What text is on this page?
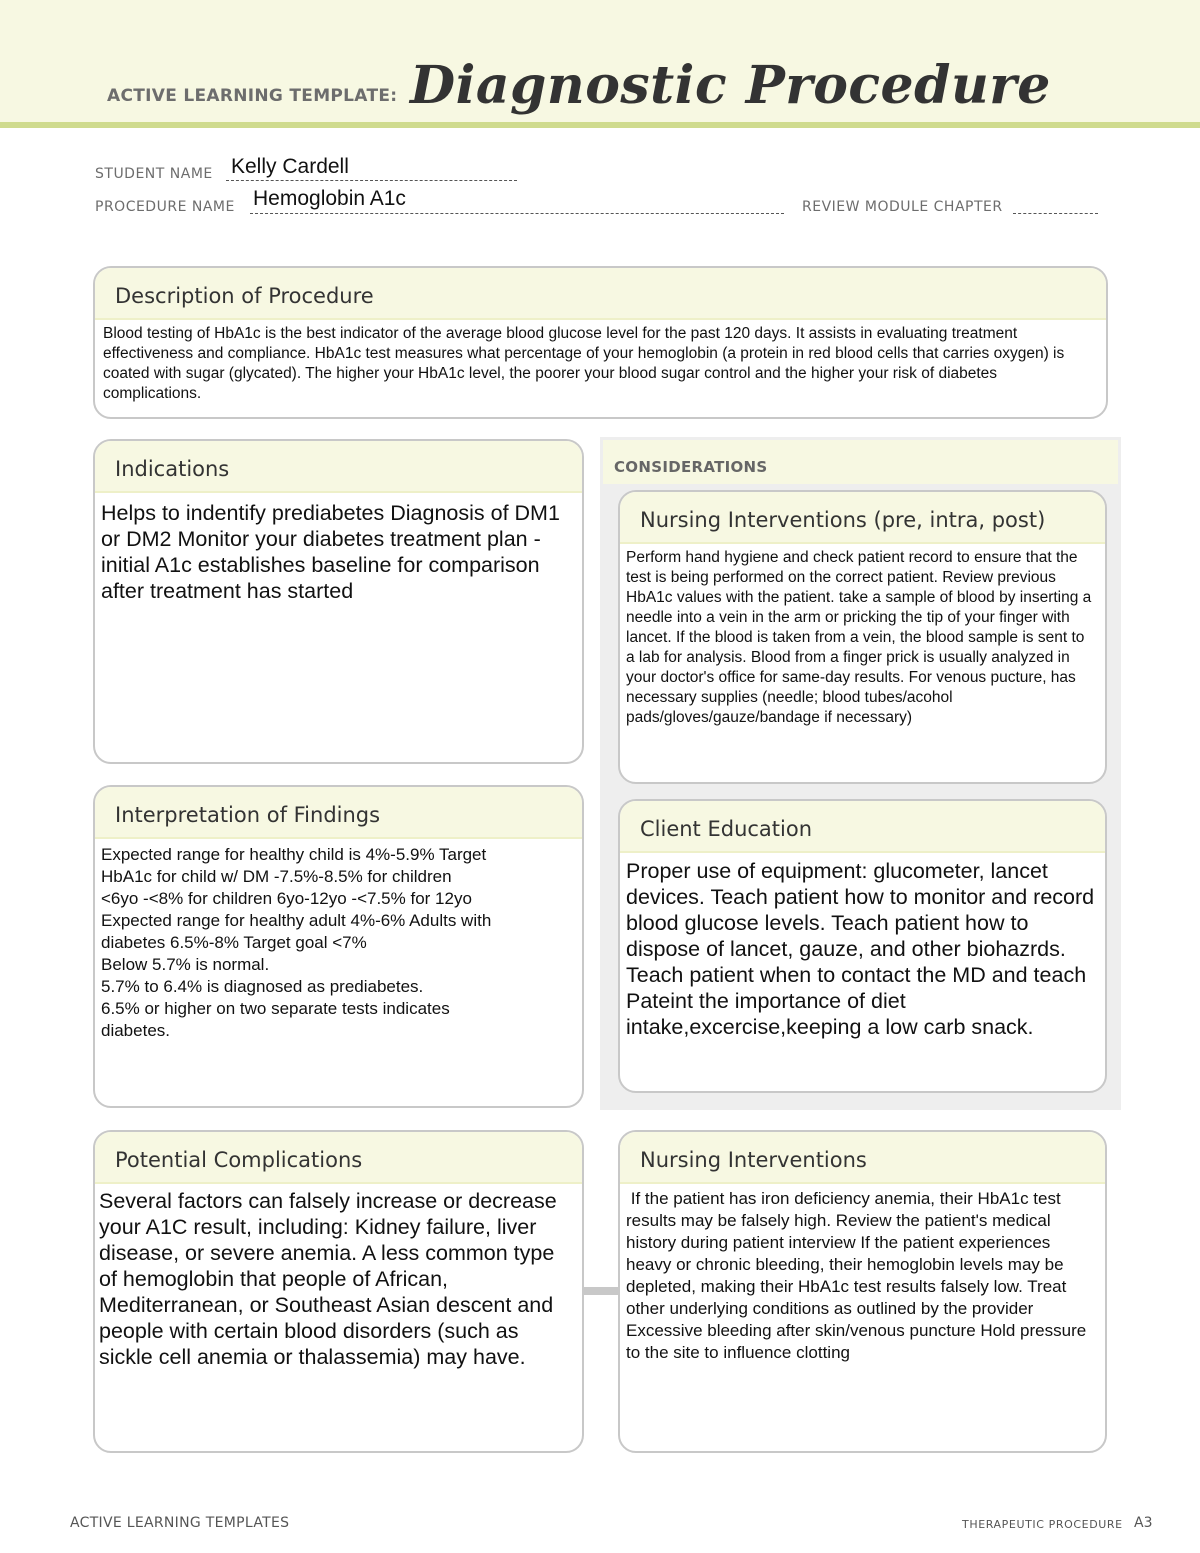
ACTIVE LEARNING TEMPLATE: Diagnostic Procedure
STUDENT NAME Kelly Cardell
PROCEDURE NAME Hemoglobin A1c	REVIEW MODULE CHAPTER
Description of Procedure
Blood testing of HbA1c is the best indicator of the average blood glucose level for the past 120 days. It assists in evaluating treatment effectiveness and compliance. HbA1c test measures what percentage of your hemoglobin (a protein in red blood cells that carries oxygen) is coated with sugar (glycated). The higher your HbA1c level, the poorer your blood sugar control and the higher your risk of diabetes complications.
CONSIDERATIONS
Indications
Helps to indentify prediabetes Diagnosis of DM1 or DM2 Monitor your diabetes treatment plan -initial A1c establishes baseline for comparison after treatment has started
Nursing Interventions (pre, intra, post)
Perform hand hygiene and check patient record to ensure that the test is being performed on the correct patient. Review previous HbA1c values with the patient. take a sample of blood by inserting a needle into a vein in the arm or pricking the tip of your finger with lancet. If the blood is taken from a vein, the blood sample is sent to a lab for analysis. Blood from a finger prick is usually analyzed in your doctor's office for same-day results. For venous pucture, has necessary supplies (needle; blood tubes/acohol pads/gloves/gauze/bandage if necessary)
Interpretation of Findings
Expected range for healthy child is 4%-5.9% Target
HbA1c for child w/ DM -7.5%-8.5% for children
<6yo -<8% for children 6yo-12yo -<7.5% for 12yo
Expected range for healthy adult 4%-6% Adults with
diabetes 6.5%-8% Target goal <7%
Below 5.7% is normal.
5.7% to 6.4% is diagnosed as prediabetes.
6.5% or higher on two separate tests indicates
diabetes.
Client Education
Proper use of equipment: glucometer, lancet devices. Teach patient how to monitor and record blood glucose levels. Teach patient how to dispose of lancet, gauze, and other biohazrds. Teach patient when to contact the MD and teach Pateint the importance of diet intake,excercise,keeping a low carb snack.
Potential Complications
Several factors can falsely increase or decrease your A1C result, including: Kidney failure, liver disease, or severe anemia. A less common type of hemoglobin that people of African, Mediterranean, or Southeast Asian descent and people with certain blood disorders (such as sickle cell anemia or thalassemia) may have.
Nursing Interventions
If the patient has iron deficiency anemia, their HbA1c test results may be falsely high. Review the patient's medical history during patient interview If the patient experiences heavy or chronic bleeding, their hemoglobin levels may be depleted, making their HbA1c test results falsely low. Treat other underlying conditions as outlined by the provider Excessive bleeding after skin/venous puncture Hold pressure to the site to influence clotting
ACTIVE LEARNING TEMPLATES	THERAPEUTIC PROCEDURE A3
